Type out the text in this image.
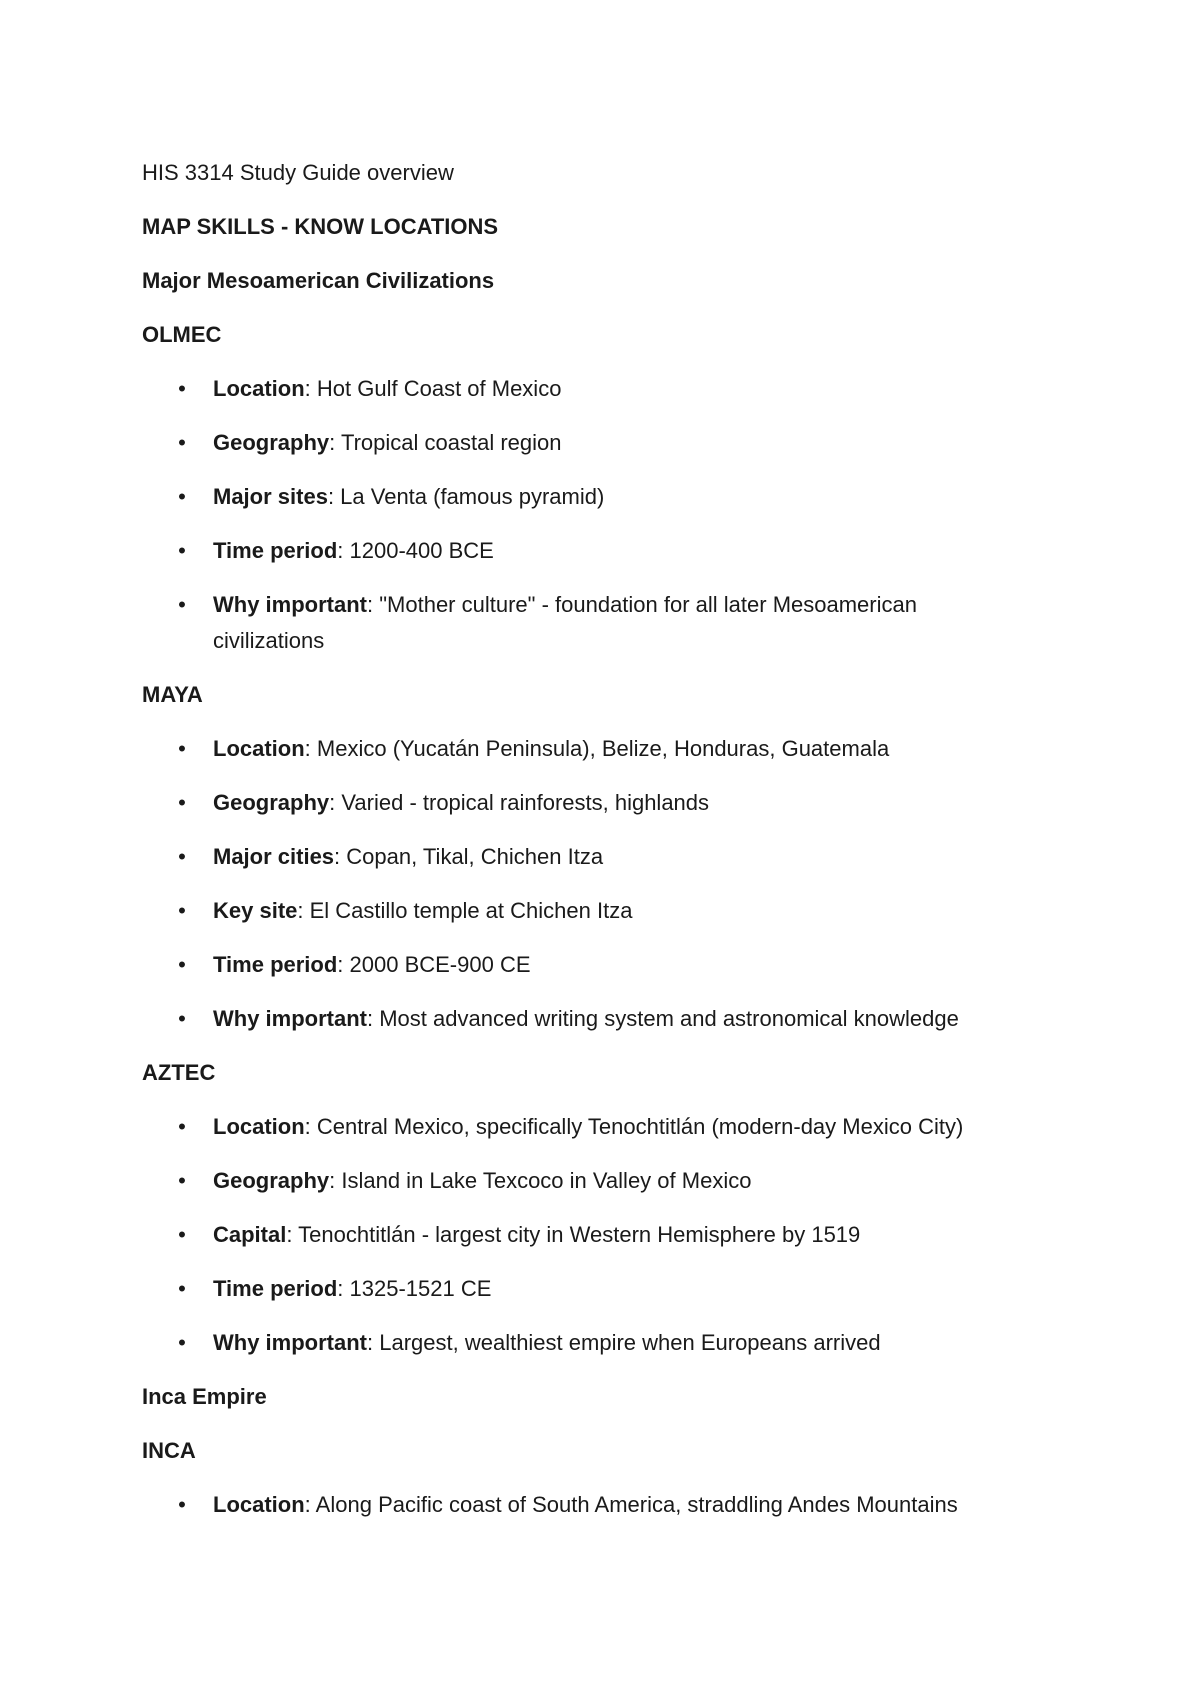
HIS 3314 Study Guide overview

MAP SKILLS - KNOW LOCATIONS

Major Mesoamerican Civilizations

OLMEC

• Location: Hot Gulf Coast of Mexico
• Geography: Tropical coastal region
• Major sites: La Venta (famous pyramid)
• Time period: 1200-400 BCE
• Why important: "Mother culture" - foundation for all later Mesoamerican civilizations

MAYA

• Location: Mexico (Yucatán Peninsula), Belize, Honduras, Guatemala
• Geography: Varied - tropical rainforests, highlands
• Major cities: Copan, Tikal, Chichen Itza
• Key site: El Castillo temple at Chichen Itza
• Time period: 2000 BCE-900 CE
• Why important: Most advanced writing system and astronomical knowledge

AZTEC

• Location: Central Mexico, specifically Tenochtitlán (modern-day Mexico City)
• Geography: Island in Lake Texcoco in Valley of Mexico
• Capital: Tenochtitlán - largest city in Western Hemisphere by 1519
• Time period: 1325-1521 CE
• Why important: Largest, wealthiest empire when Europeans arrived

Inca Empire

INCA

• Location: Along Pacific coast of South America, straddling Andes Mountains
